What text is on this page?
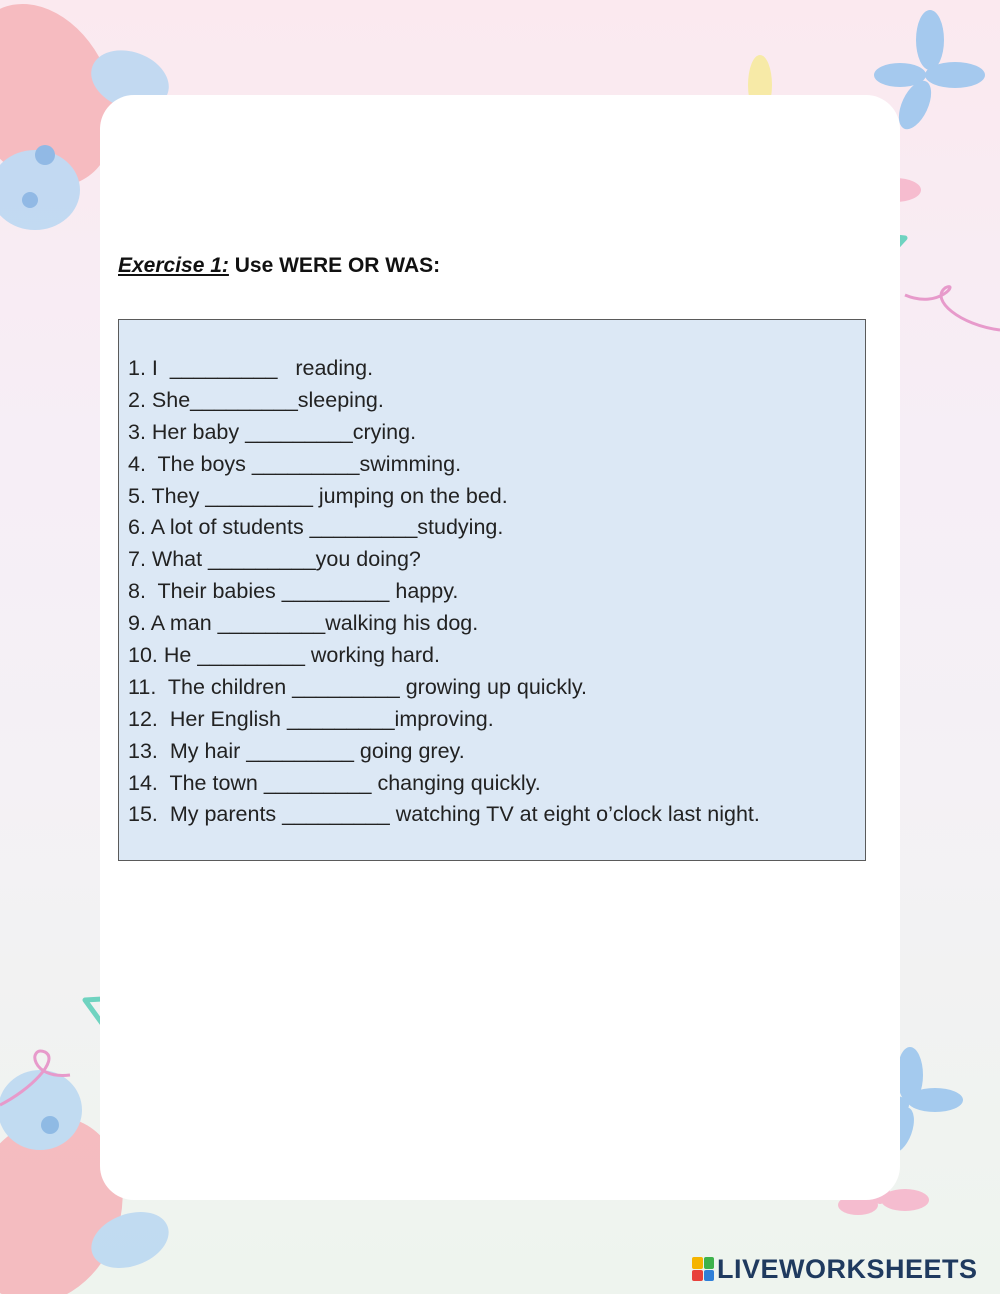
Exercise 1: Use WERE OR WAS:
1. I  _________   reading.
2. She_________sleeping.
3. Her baby _________crying.
4.  The boys _________swimming.
5. They _________ jumping on the bed.
6. A lot of students _________studying.
7. What _________you doing?
8.  Their babies _________ happy.
9. A man _________walking his dog.
10. He _________ working hard.
11.  The children _________ growing up quickly.
12.  Her English _________improving.
13.  My hair _________ going grey.
14.  The town _________ changing quickly.
15.  My parents _________ watching TV at eight o’clock last night.
LIVEWORKSHEETS
